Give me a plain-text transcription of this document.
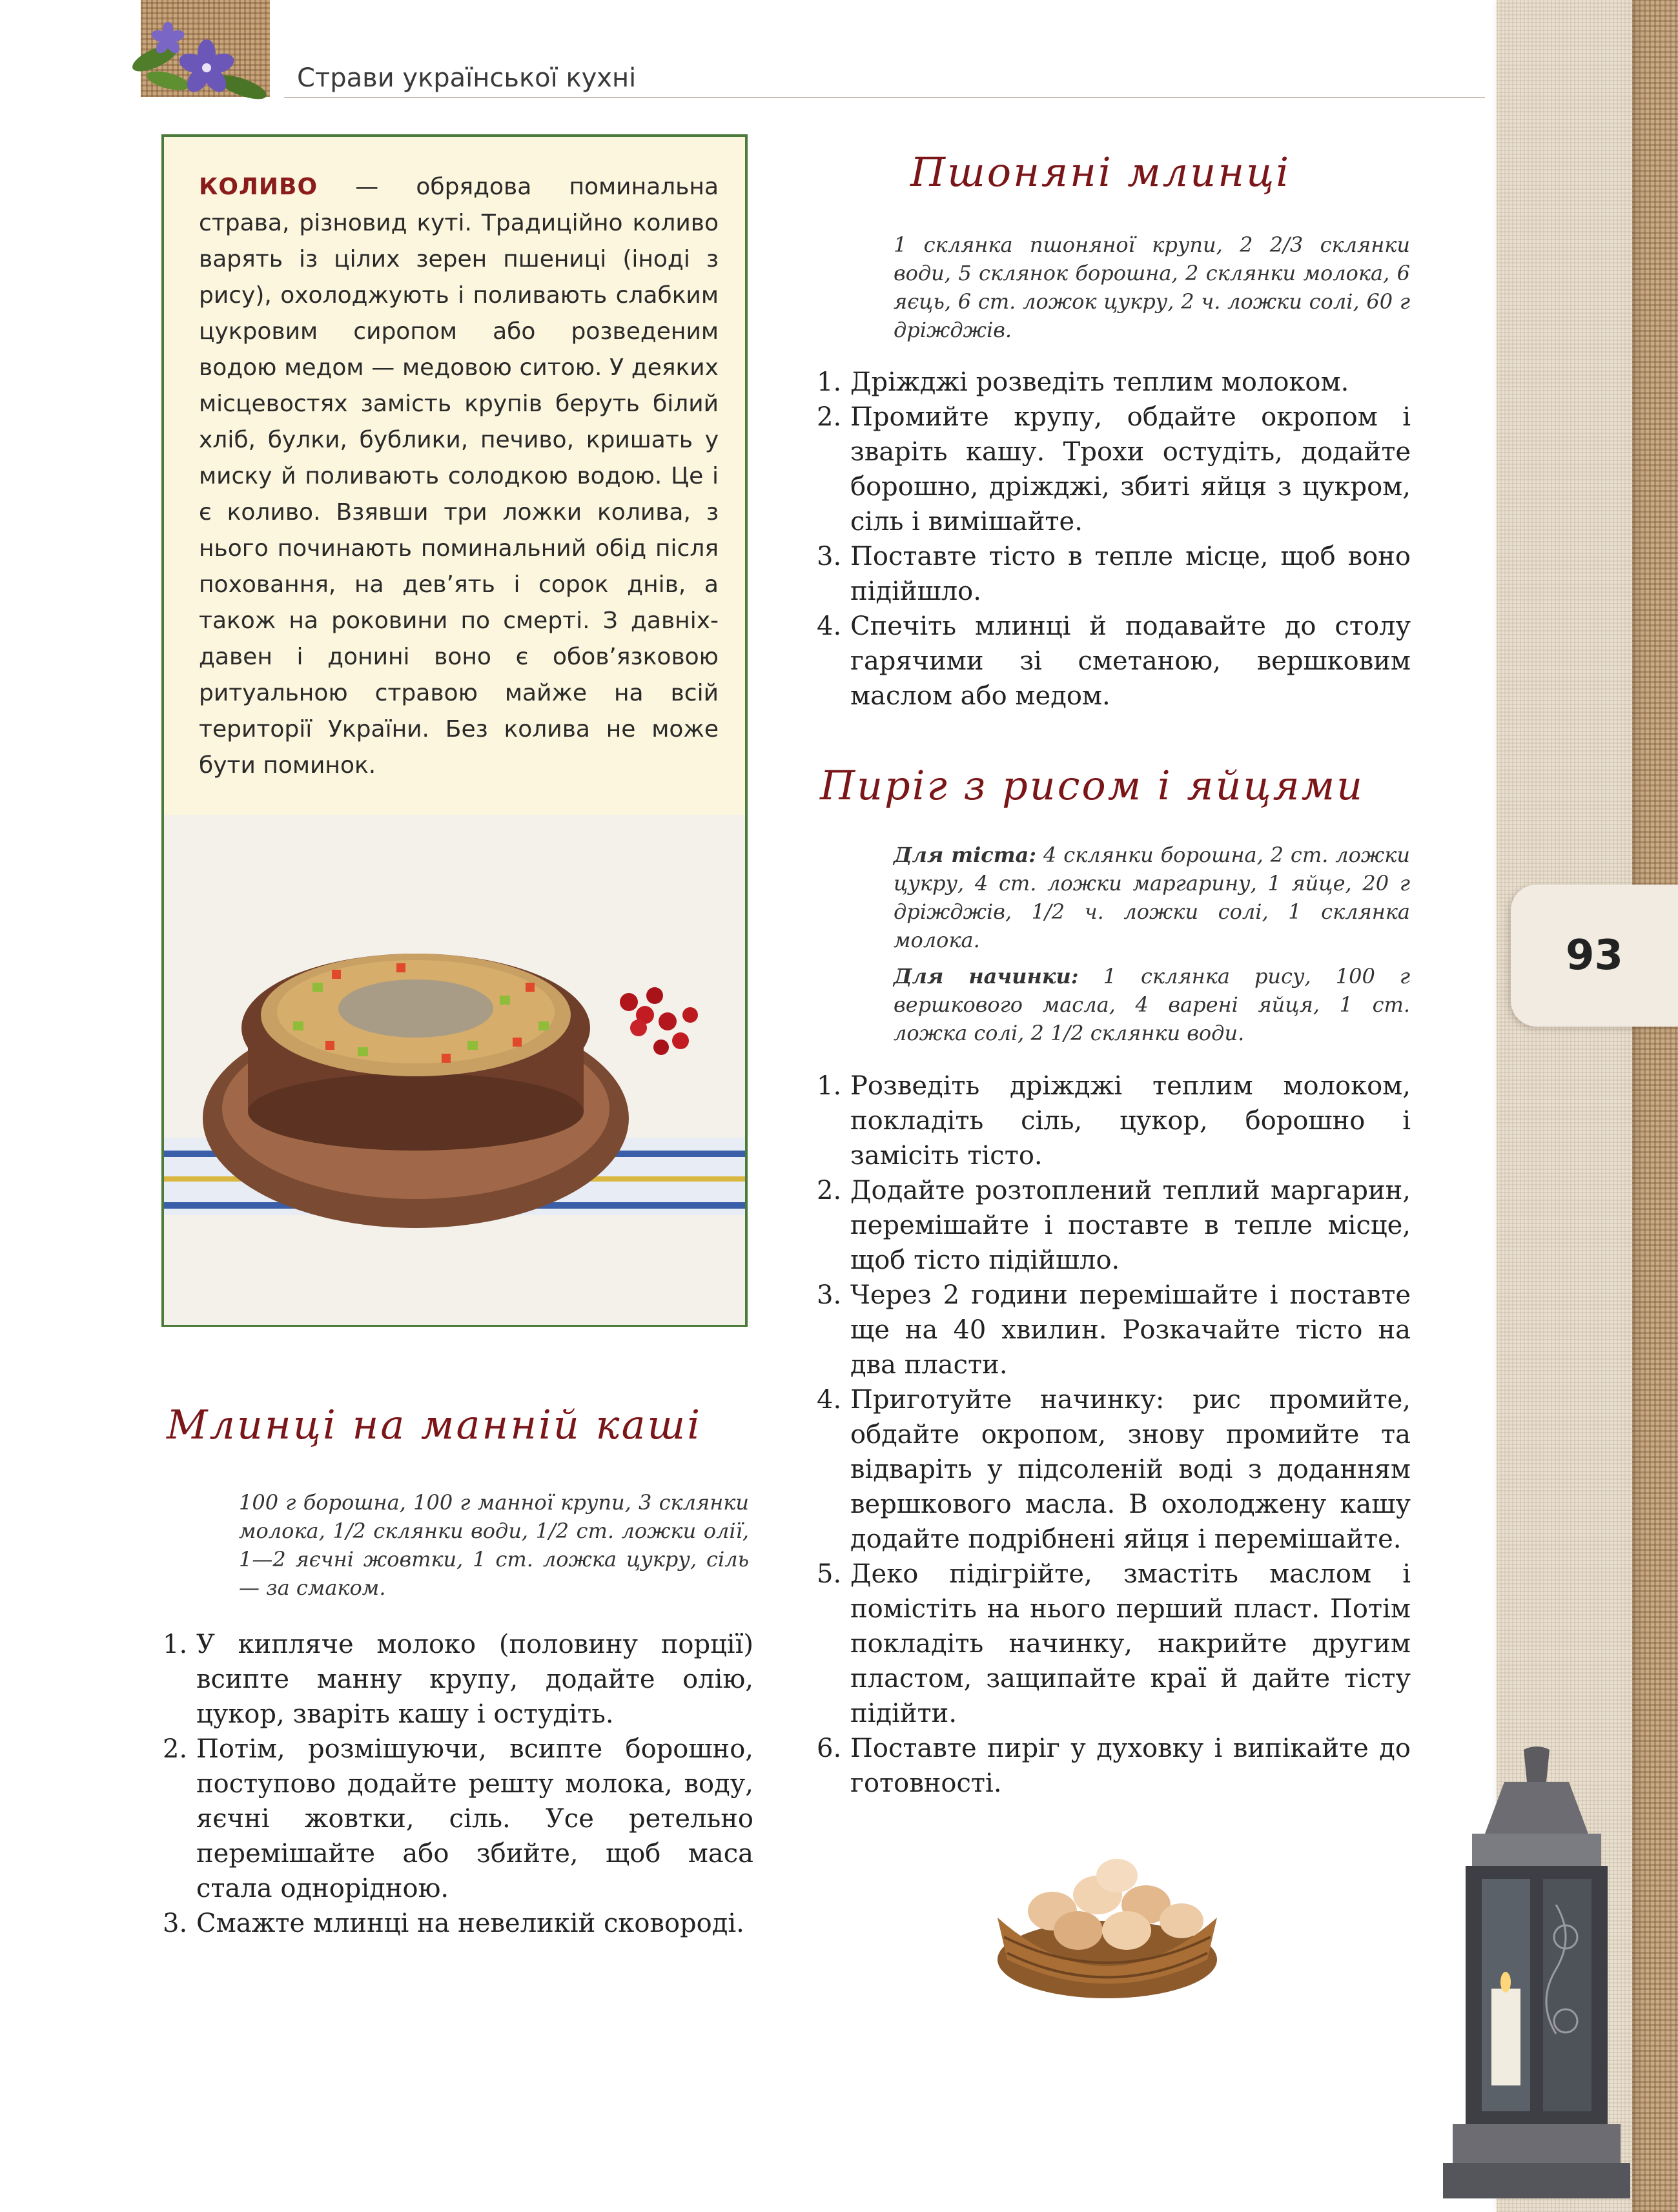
93
Страви української кухні

КОЛИВО — обрядова поминальна страва, різновид куті. Традиційно коливо варять із цілих зерен пшениці (іноді з рису), охолоджують і поливають слабким цукровим сиропом або розведеним водою медом — медовою ситою. У деяких місцевостях замість крупів беруть білий хліб, булки, бублики, печиво, кришать у миску й поливають солодкою водою. Це і є коливо. Взявши три ложки колива, з нього починають поминальний обід після поховання, на дев’ять і сорок днів, а також на роковини по смерті. З давніх-давен і донині воно є обов’язковою ритуальною стравою майже на всій території України. Без колива не може бути поминок.

Пшоняні млинці

1 склянка пшоняної крупи, 2 2/3 склянки води, 5 склянок борошна, 2 склянки молока, 6 яєць, 6 ст. ложок цукру, 2 ч. ложки солі, 60 г дріжджів.

1. Дріжджі розведіть теплим молоком.
2. Промийте крупу, обдайте окропом і зваріть кашу. Трохи остудіть, додайте борошно, дріжджі, збиті яйця з цукром, сіль і вимішайте.
3. Поставте тісто в тепле місце, щоб воно підійшло.
4. Спечіть млинці й подавайте до столу гарячими зі сметаною, вершковим маслом або медом.
Пиріг з рисом і яйцями

Для тіста: 4 склянки борошна, 2 ст. ложки цукру, 4 ст. ложки маргарину, 1 яйце, 20 г дріжджів, 1/2 ч. ложки солі, 1 склянка молока.

Для начинки: 1 склянка рису, 100 г вершкового масла, 4 варені яйця, 1 ст. ложка солі, 2 1/2 склянки води.

1. Розведіть дріжджі теплим молоком, покладіть сіль, цукор, борошно і замісіть тісто.
2. Додайте розтоплений теплий маргарин, перемішайте і поставте в тепле місце, щоб тісто підійшло.
3. Через 2 години перемішайте і поставте ще на 40 хвилин. Розкачайте тісто на два пласти.
4. Приготуйте начинку: рис промийте, обдайте окропом, знову промийте та відваріть у підсоленій воді з доданням вершкового масла. В охолоджену кашу додайте подрібнені яйця і перемішайте.
5. Деко підігрійте, змастіть маслом і помістіть на нього перший пласт. Потім покладіть начинку, накрийте другим пластом, защипайте краї й дайте тісту підійти.
6. Поставте пиріг у духовку і випікайте до готовності.
Млинці на манній каші

100 г борошна, 100 г манної крупи, 3 склянки молока, 1/2 склянки води, 1/2 ст. ложки олії, 1—2 яєчні жовтки, 1 ст. ложка цукру, сіль — за смаком.

1. У кипляче молоко (половину порції) всипте манну крупу, додайте олію, цукор, зваріть кашу і остудіть.
2. Потім, розмішуючи, всипте борошно, поступово додайте решту молока, воду, яєчні жовтки, сіль. Усе ретельно перемішайте або збийте, щоб маса стала однорідною.
3. Смажте млинці на невеликій сковороді.
